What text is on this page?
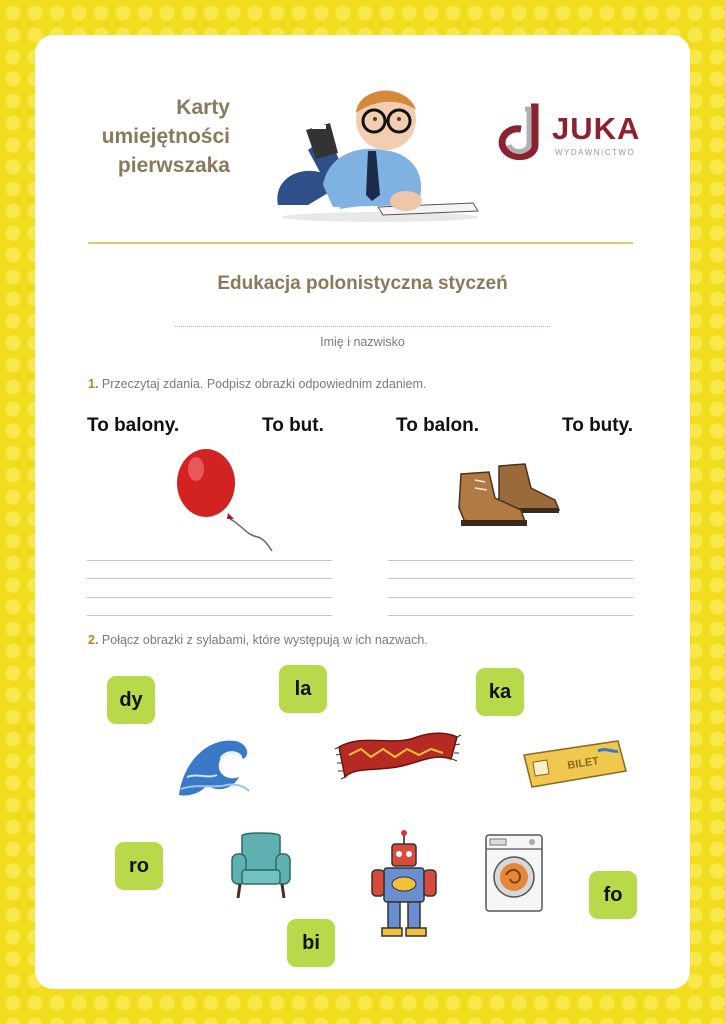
Karty
umiejętności
pierwszaka
JUKA
WYDAWNICTWO
Edukacja polonistyczna styczeń
Imię i nazwisko
1. Przeczytaj zdania. Podpisz obrazki odpowiednim zdaniem.
To balony.	To but.	To balon.	To buty.
2. Połącz obrazki z sylabami, które występują w ich nazwach.
dy	la	ka
ro
fo
bi
BILET
